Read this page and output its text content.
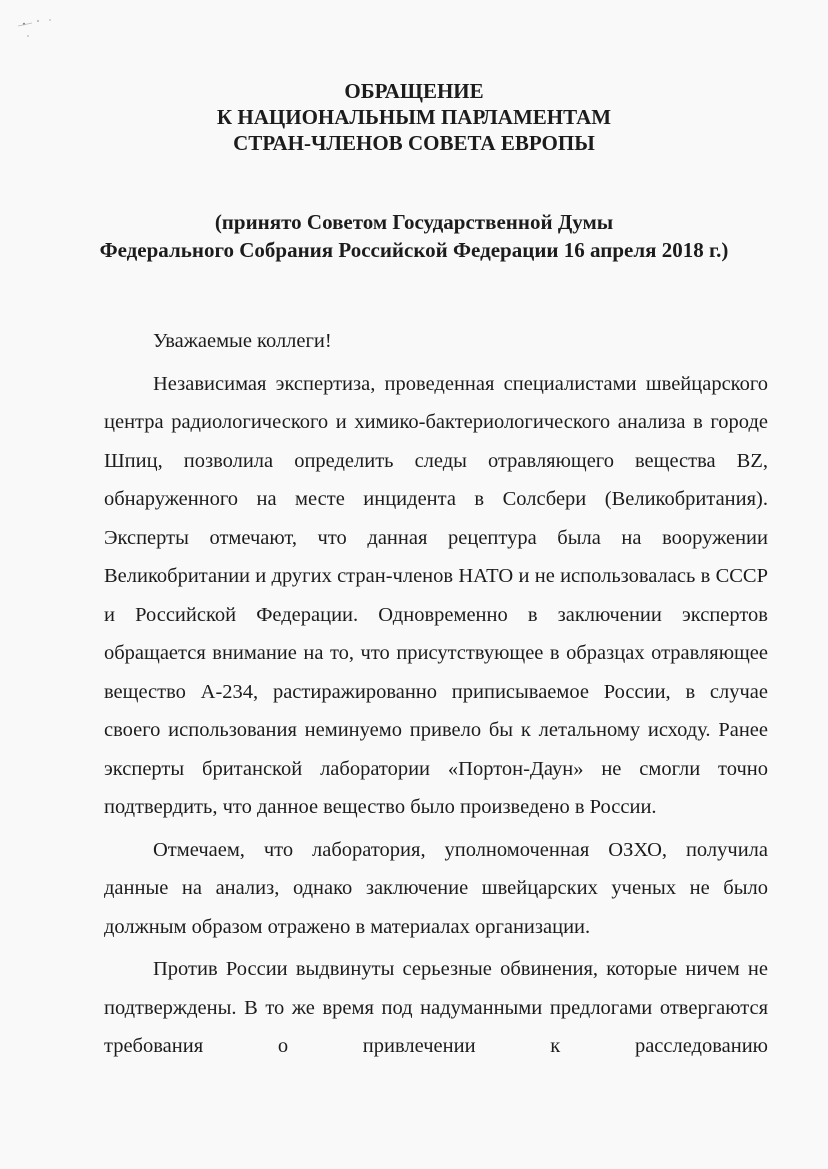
ОБРАЩЕНИЕ
К НАЦИОНАЛЬНЫМ ПАРЛАМЕНТАМ
СТРАН-ЧЛЕНОВ СОВЕТА ЕВРОПЫ
(принято Советом Государственной Думы
Федерального Собрания Российской Федерации 16 апреля 2018 г.)

Уважаемые коллеги!

Независимая экспертиза, проведенная специалистами швейцарского центра радиологического и химико-бактериологического анализа в городе Шпиц, позволила определить следы отравляющего вещества BZ, обнаруженного на месте инцидента в Солсбери (Великобритания). Эксперты отмечают, что данная рецептура была на вооружении Великобритании и других стран-членов НАТО и не использовалась в СССР и Российской Федерации. Одновременно в заключении экспертов обращается внимание на то, что присутствующее в образцах отравляющее вещество А-234, растиражированно приписываемое России, в случае своего использования неминуемо привело бы к летальному исходу. Ранее эксперты британской лаборатории «Портон-Даун» не смогли точно подтвердить, что данное вещество было произведено в России.

Отмечаем, что лаборатория, уполномоченная ОЗХО, получила данные на анализ, однако заключение швейцарских ученых не было должным образом отражено в материалах организации.

Против России выдвинуты серьезные обвинения, которые ничем не подтверждены. В то же время под надуманными предлогами отвергаются требования о привлечении к расследованию
